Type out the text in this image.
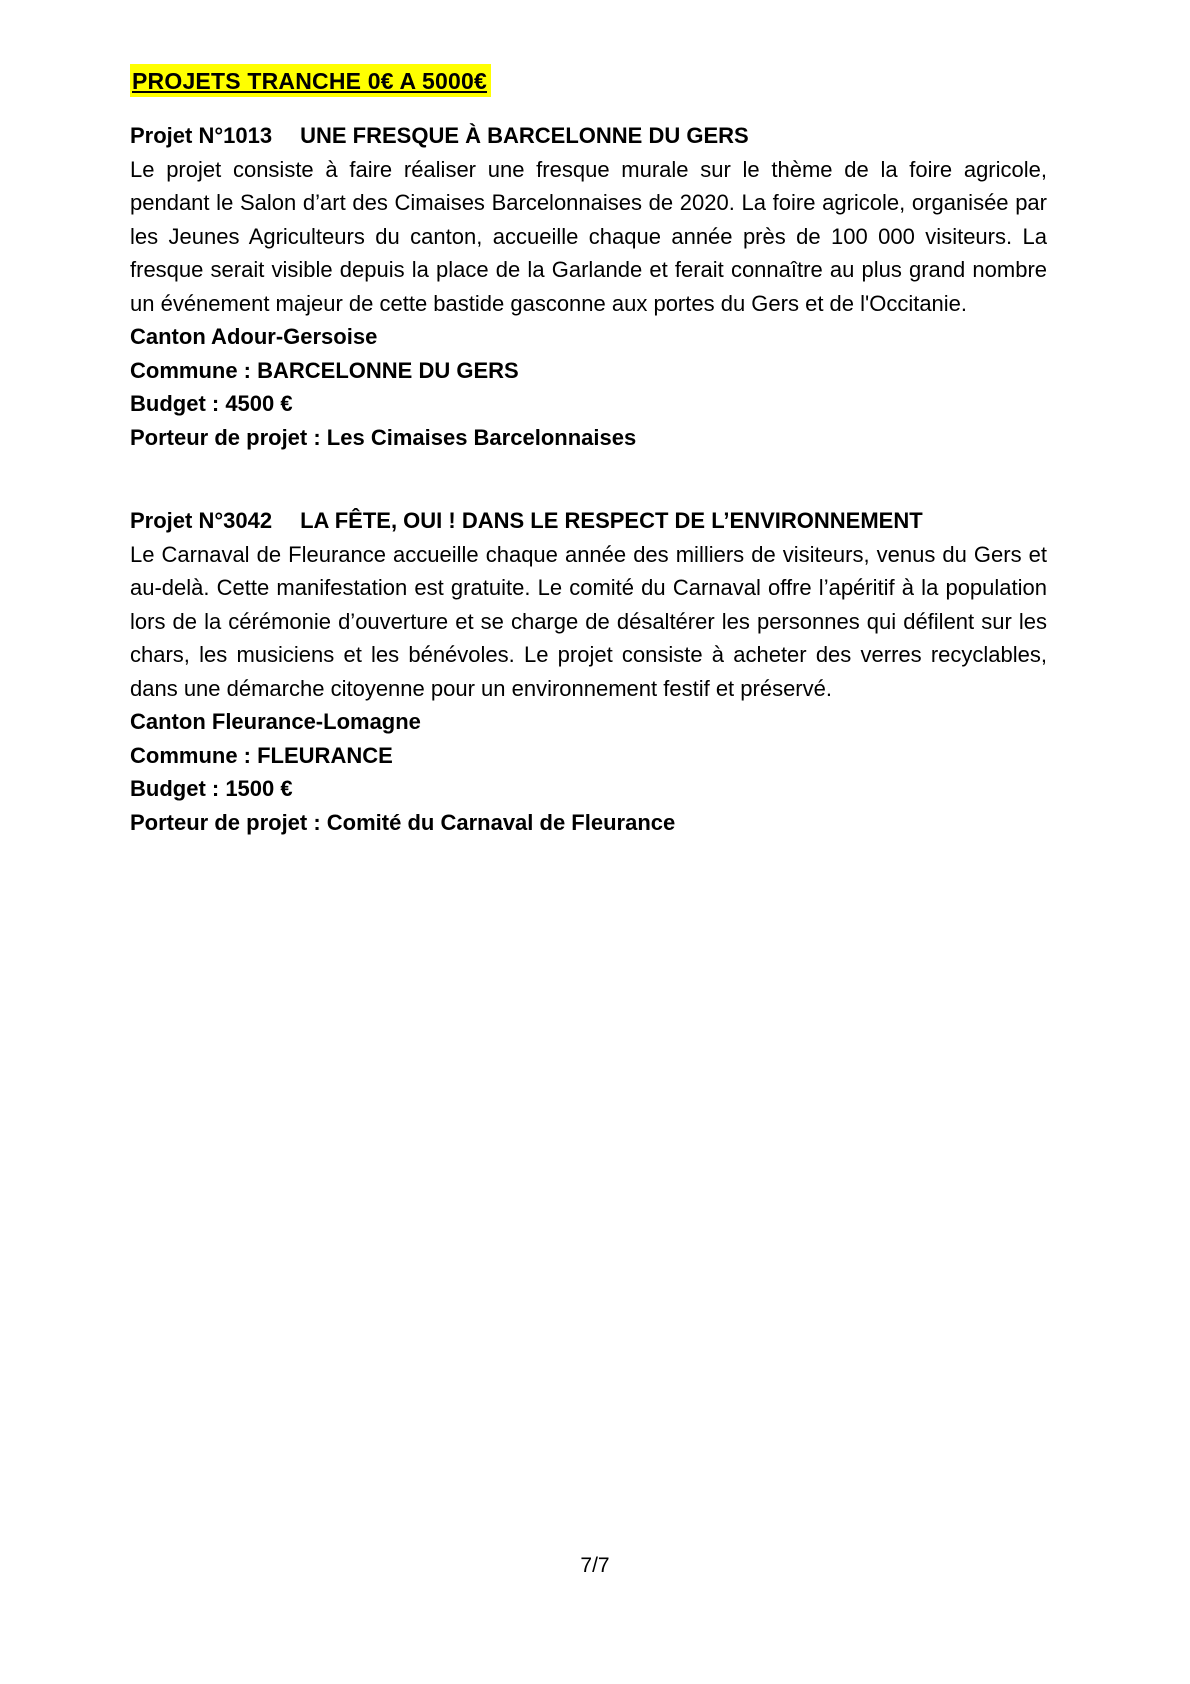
PROJETS TRANCHE 0€ A 5000€
Projet N°1013 UNE FRESQUE À BARCELONNE DU GERS

Le projet consiste à faire réaliser une fresque murale sur le thème de la foire agricole, pendant le Salon d’art des Cimaises Barcelonnaises de 2020. La foire agricole, organisée par les Jeunes Agriculteurs du canton, accueille chaque année près de 100 000 visiteurs. La fresque serait visible depuis la place de la Garlande et ferait connaître au plus grand nombre un événement majeur de cette bastide gasconne aux portes du Gers et de l'Occitanie.

Canton Adour-Gersoise
Commune : BARCELONNE DU GERS
Budget : 4500 €
Porteur de projet : Les Cimaises Barcelonnaises
Projet N°3042 LA FÊTE, OUI ! DANS LE RESPECT DE L’ENVIRONNEMENT

Le Carnaval de Fleurance accueille chaque année des milliers de visiteurs, venus du Gers et au-delà. Cette manifestation est gratuite. Le comité du Carnaval offre l’apéritif à la population lors de la cérémonie d’ouverture et se charge de désaltérer les personnes qui défilent sur les chars, les musiciens et les bénévoles. Le projet consiste à acheter des verres recyclables, dans une démarche citoyenne pour un environnement festif et préservé.

Canton Fleurance-Lomagne
Commune : FLEURANCE
Budget : 1500 €
Porteur de projet : Comité du Carnaval de Fleurance
7/7
